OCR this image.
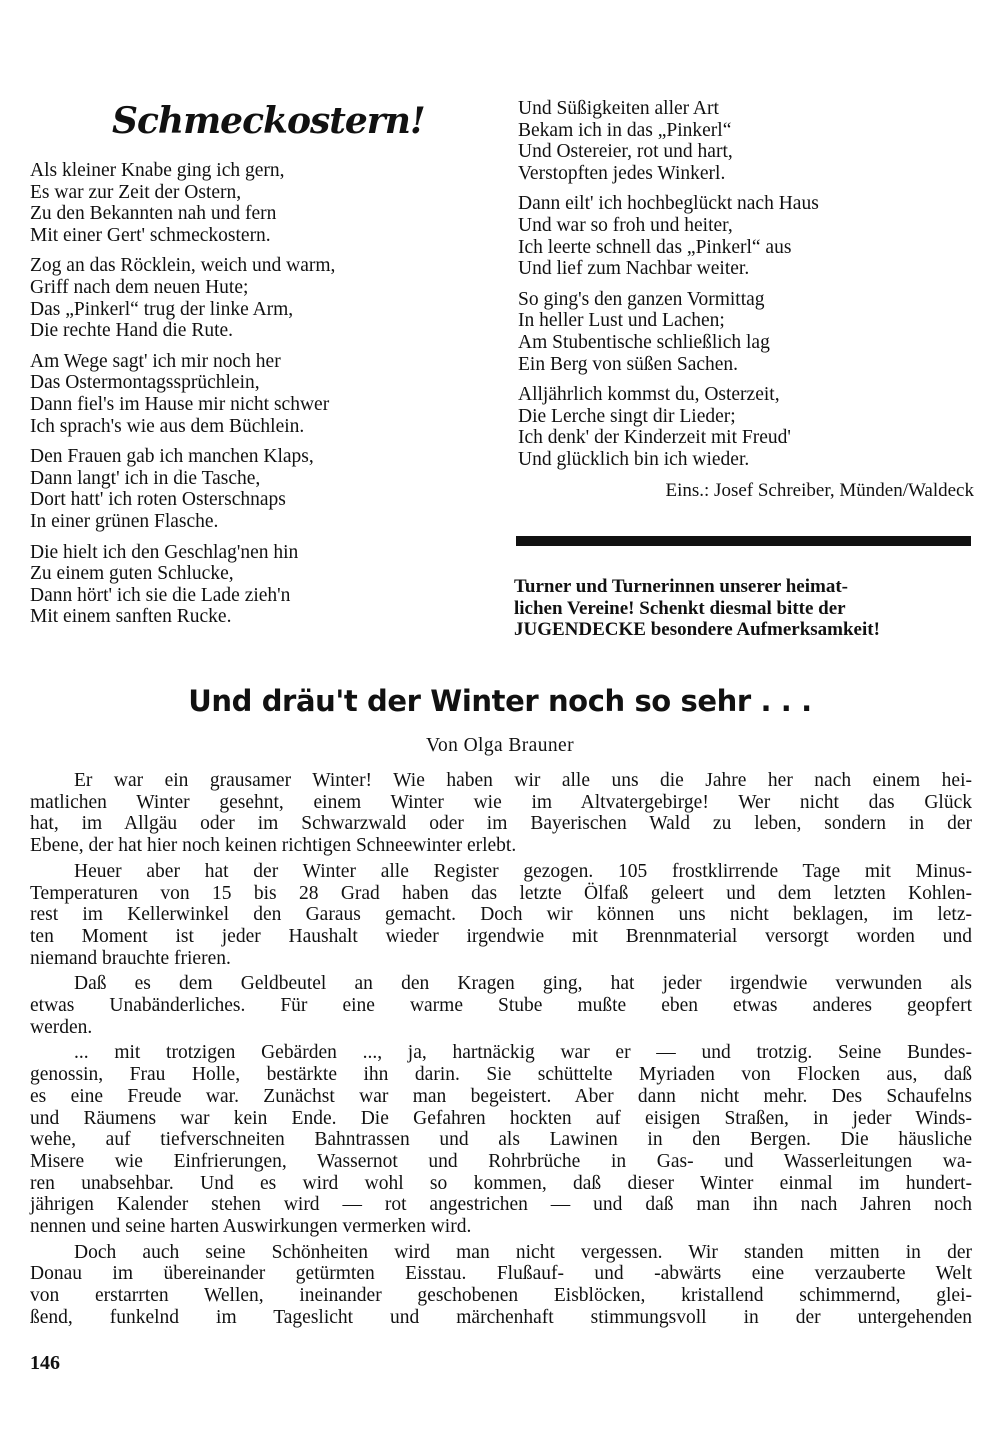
Schmeckostern!
Als kleiner Knabe ging ich gern,
Es war zur Zeit der Ostern,
Zu den Bekannten nah und fern
Mit einer Gert' schmeckostern.
Zog an das Röcklein, weich und warm,
Griff nach dem neuen Hute;
Das „Pinkerl“ trug der linke Arm,
Die rechte Hand die Rute.
Am Wege sagt' ich mir noch her
Das Ostermontagssprüchlein,
Dann fiel's im Hause mir nicht schwer
Ich sprach's wie aus dem Büchlein.
Den Frauen gab ich manchen Klaps,
Dann langt' ich in die Tasche,
Dort hatt' ich roten Osterschnaps
In einer grünen Flasche.
Die hielt ich den Geschlag'nen hin
Zu einem guten Schlucke,
Dann hört' ich sie die Lade zieh'n
Mit einem sanften Rucke.
Und Süßigkeiten aller Art
Bekam ich in das „Pinkerl“
Und Ostereier, rot und hart,
Verstopften jedes Winkerl.
Dann eilt' ich hochbeglückt nach Haus
Und war so froh und heiter,
Ich leerte schnell das „Pinkerl“ aus
Und lief zum Nachbar weiter.
So ging's den ganzen Vormittag
In heller Lust und Lachen;
Am Stubentische schließlich lag
Ein Berg von süßen Sachen.
Alljährlich kommst du, Osterzeit,
Die Lerche singt dir Lieder;
Ich denk' der Kinderzeit mit Freud'
Und glücklich bin ich wieder.
Eins.: Josef Schreiber, Münden/Waldeck
Turner und Turnerinnen unserer heimat-
lichen Vereine! Schenkt diesmal bitte der
JUGENDECKE besondere Aufmerksamkeit!
Und dräu't der Winter noch so sehr . . .
Von Olga Brauner
Er war ein grausamer Winter! Wie haben wir alle uns die Jahre her nach einem hei-
matlichen Winter gesehnt, einem Winter wie im Altvatergebirge! Wer nicht das Glück
hat, im Allgäu oder im Schwarzwald oder im Bayerischen Wald zu leben, sondern in der
Ebene, der hat hier noch keinen richtigen Schneewinter erlebt.
Heuer aber hat der Winter alle Register gezogen. 105 frostklirrende Tage mit Minus-
Temperaturen von 15 bis 28 Grad haben das letzte Ölfaß geleert und dem letzten Kohlen-
rest im Kellerwinkel den Garaus gemacht. Doch wir können uns nicht beklagen, im letz-
ten Moment ist jeder Haushalt wieder irgendwie mit Brennmaterial versorgt worden und
niemand brauchte frieren.
Daß es dem Geldbeutel an den Kragen ging, hat jeder irgendwie verwunden als
etwas Unabänderliches. Für eine warme Stube mußte eben etwas anderes geopfert
werden.
... mit trotzigen Gebärden ..., ja, hartnäckig war er — und trotzig. Seine Bundes-
genossin, Frau Holle, bestärkte ihn darin. Sie schüttelte Myriaden von Flocken aus, daß
es eine Freude war. Zunächst war man begeistert. Aber dann nicht mehr. Des Schaufelns
und Räumens war kein Ende. Die Gefahren hockten auf eisigen Straßen, in jeder Winds-
wehe, auf tiefverschneiten Bahntrassen und als Lawinen in den Bergen. Die häusliche
Misere wie Einfrierungen, Wassernot und Rohrbrüche in Gas- und Wasserleitungen wa-
ren unabsehbar. Und es wird wohl so kommen, daß dieser Winter einmal im hundert-
jährigen Kalender stehen wird — rot angestrichen — und daß man ihn nach Jahren noch
nennen und seine harten Auswirkungen vermerken wird.
Doch auch seine Schönheiten wird man nicht vergessen. Wir standen mitten in der
Donau im übereinander getürmten Eisstau. Flußauf- und -abwärts eine verzauberte Welt
von erstarrten Wellen, ineinander geschobenen Eisblöcken, kristallend schimmernd, glei-
ßend, funkelnd im Tageslicht und märchenhaft stimmungsvoll in der untergehenden
146
